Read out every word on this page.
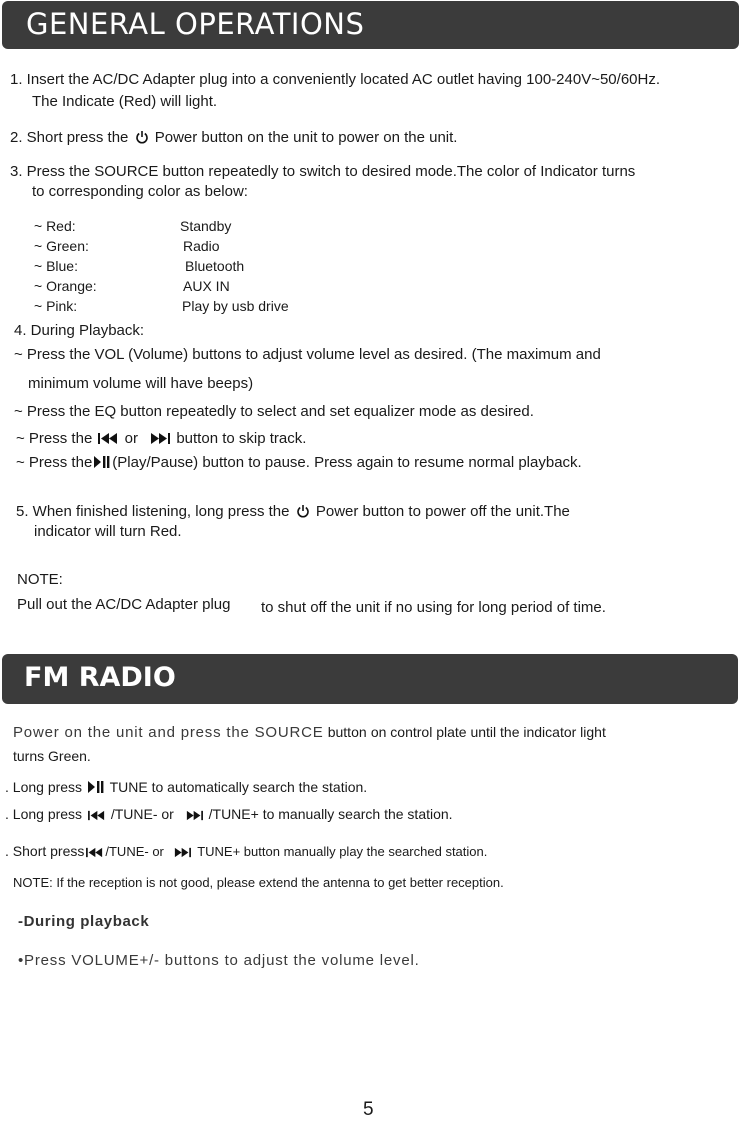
GENERAL OPERATIONS
1. Insert the AC/DC Adapter plug into a conveniently located AC outlet having 100-240V~50/60Hz.
The Indicate (Red) will light.
2. Short press the Power button on the unit to power on the unit.
3. Press the SOURCE button repeatedly to switch to desired mode.The color of Indicator turns
to corresponding color as below:
~ Red:	Standby
~ Green:	Radio
~ Blue:	Bluetooth
~ Orange:	AUX IN
~ Pink:	Play by usb drive
4. During Playback:
~ Press the VOL (Volume) buttons to adjust volume level as desired. (The maximum and
minimum volume will have beeps)
~ Press the EQ button repeatedly to select and set equalizer mode as desired.
~ Press the or	button to skip track.
~ Press the (Play/Pause) button to pause. Press again to resume normal playback.
5. When finished listening, long press the Power button to power off the unit.The
indicator will turn Red.
NOTE:
Pull out the AC/DC Adapter plug to shut off the unit if no using for long period of time.
FM RADIO
Power on the unit and press the SOURCE button on control plate until the indicator light
turns Green.
. Long press TUNE to automatically search the station.
. Long press /TUNE- or /TUNE+ to manually search the station.
. Short press /TUNE- or	TUNE+ button manually play the searched station.
NOTE: If the reception is not good, please extend the antenna to get better reception.
-During playback
•Press VOLUME+/- buttons to adjust the volume level.
5
